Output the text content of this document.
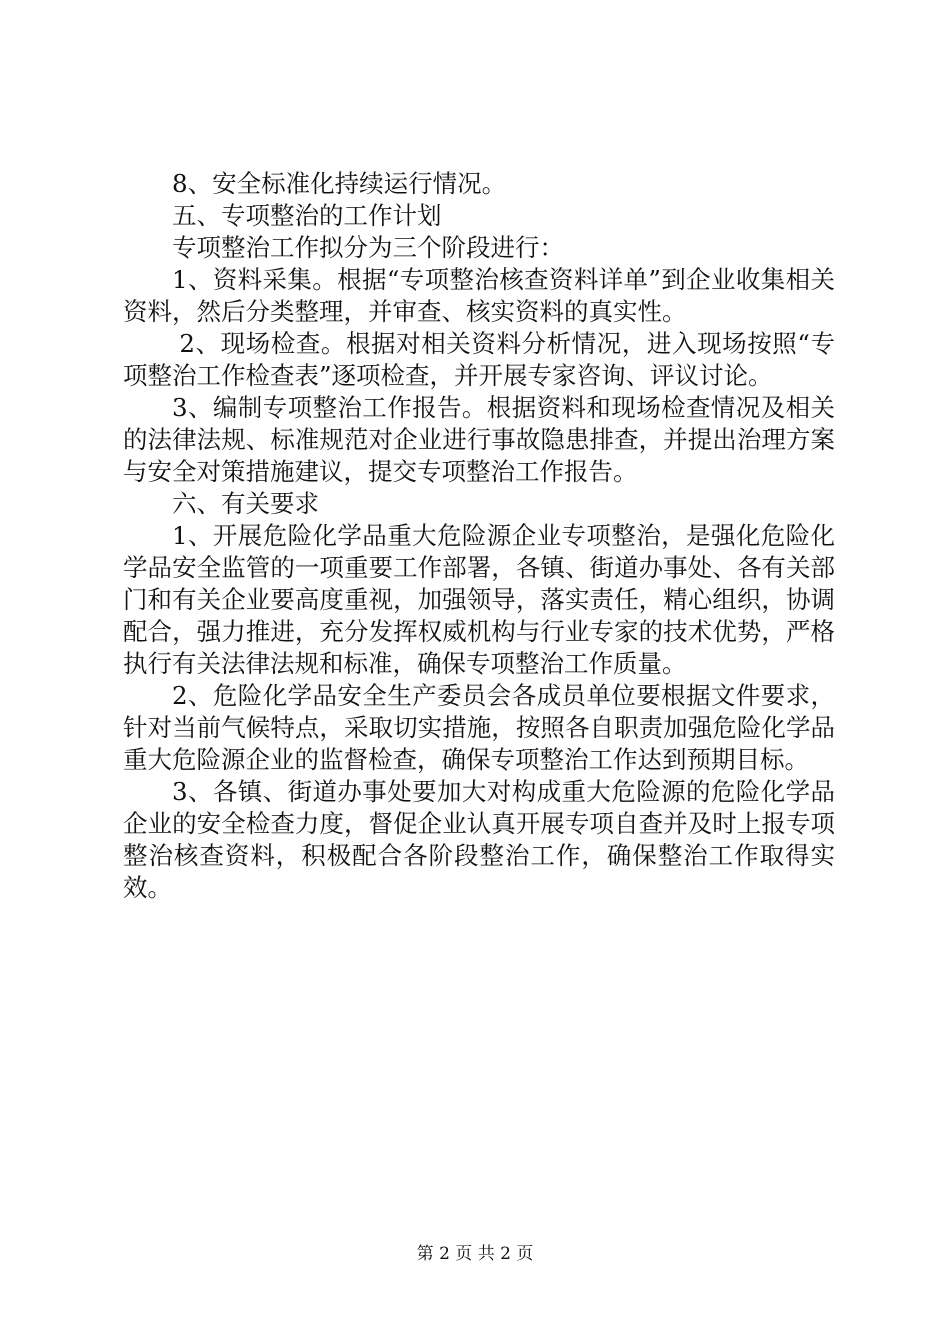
8、安全标准化持续运行情况。

五、专项整治的工作计划

专项整治工作拟分为三个阶段进行：

1、资料采集。根据“专项整治核查资料详单”到企业收集相关资料，然后分类整理，并审查、核实资料的真实性。

2、现场检查。根据对相关资料分析情况，进入现场按照“专项整治工作检查表”逐项检查，并开展专家咨询、评议讨论。

3、编制专项整治工作报告。根据资料和现场检查情况及相关的法律法规、标准规范对企业进行事故隐患排查，并提出治理方案与安全对策措施建议，提交专项整治工作报告。

六、有关要求

1、开展危险化学品重大危险源企业专项整治，是强化危险化学品安全监管的一项重要工作部署，各镇、街道办事处、各有关部门和有关企业要高度重视，加强领导，落实责任，精心组织，协调配合，强力推进，充分发挥权威机构与行业专家的技术优势，严格执行有关法律法规和标准，确保专项整治工作质量。

2、危险化学品安全生产委员会各成员单位要根据文件要求，针对当前气候特点，采取切实措施，按照各自职责加强危险化学品重大危险源企业的监督检查，确保专项整治工作达到预期目标。

3、各镇、街道办事处要加大对构成重大危险源的危险化学品企业的安全检查力度，督促企业认真开展专项自查并及时上报专项整治核查资料，积极配合各阶段整治工作，确保整治工作取得实效。

第 2 页 共 2 页
